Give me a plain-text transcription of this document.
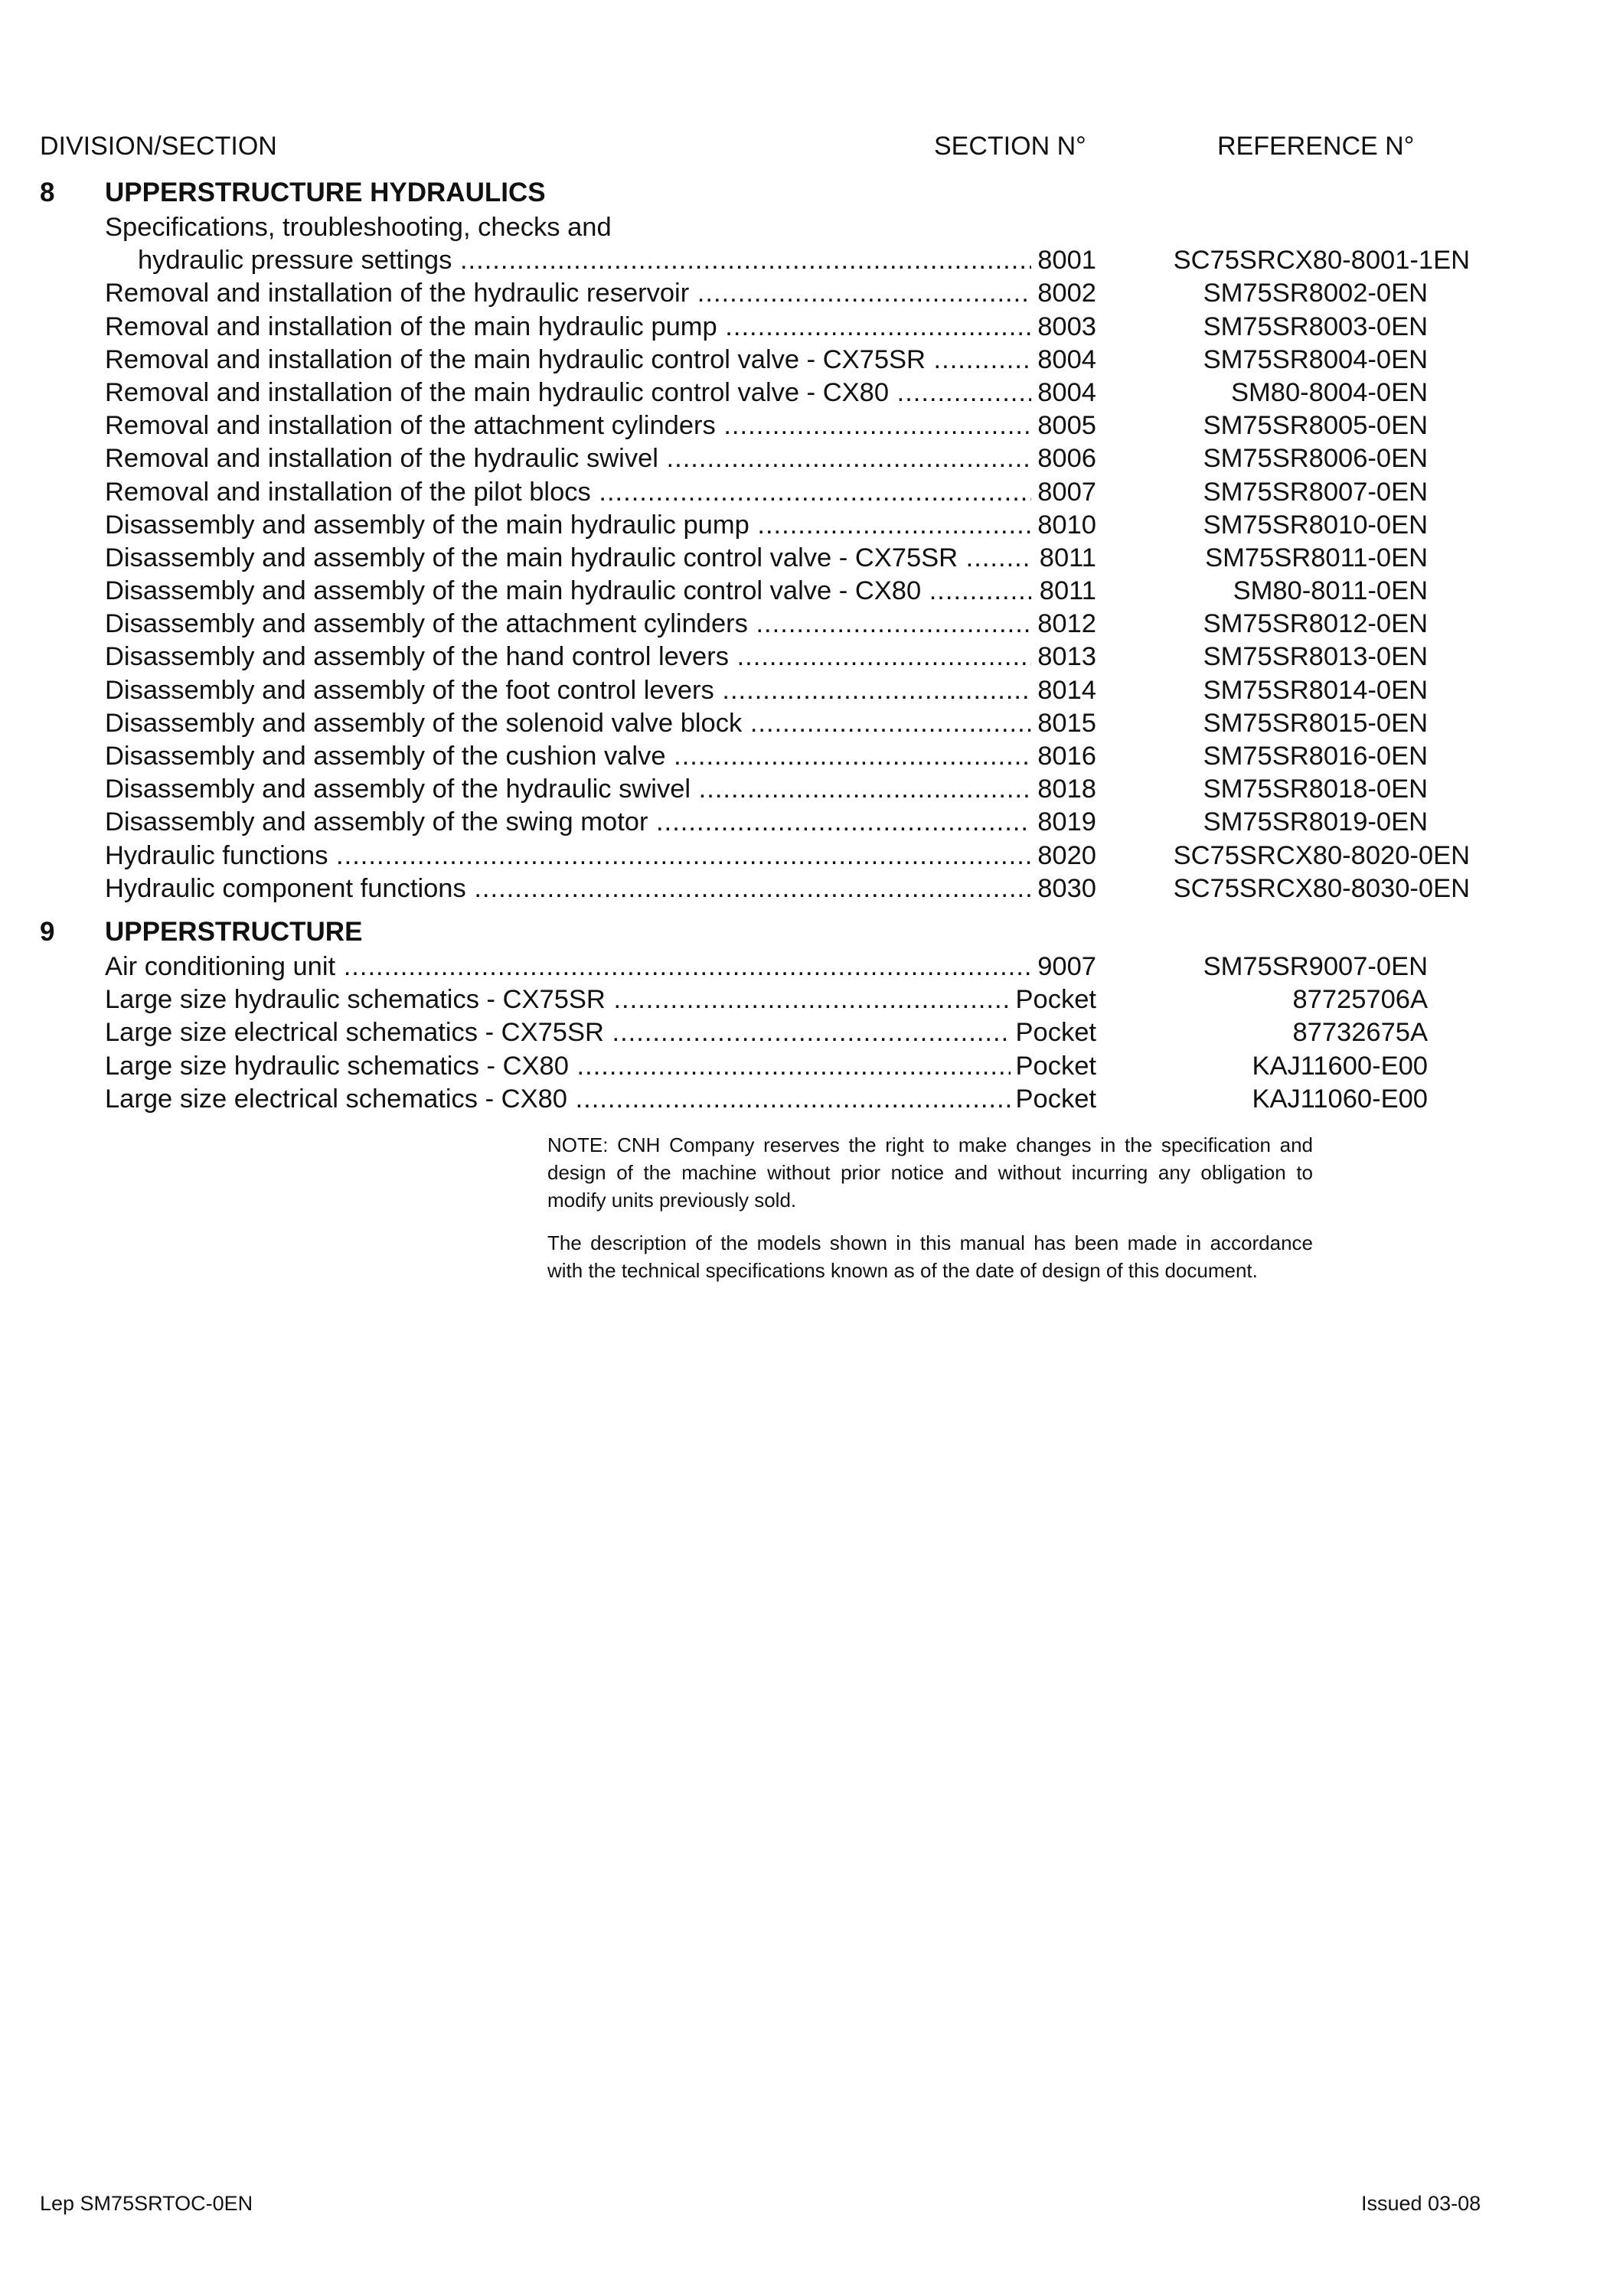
DIVISION/SECTION	SECTION N°	REFERENCE N°
8 UPPERSTRUCTURE HYDRAULICS
Specifications, troubleshooting, checks and
hydraulic pressure settings .....	8001	SC75SRCX80-8001-1EN
Removal and installation of the hydraulic reservoir .....	8002	SM75SR8002-0EN
Removal and installation of the main hydraulic pump .....	8003	SM75SR8003-0EN
Removal and installation of the main hydraulic control valve - CX75SR .....	8004	SM75SR8004-0EN
Removal and installation of the main hydraulic control valve - CX80 .....	8004	SM80-8004-0EN
Removal and installation of the attachment cylinders .....	8005	SM75SR8005-0EN
Removal and installation of the hydraulic swivel .....	8006	SM75SR8006-0EN
Removal and installation of the pilot blocs .....	8007	SM75SR8007-0EN
Disassembly and assembly of the main hydraulic pump .....	8010	SM75SR8010-0EN
Disassembly and assembly of the main hydraulic control valve - CX75SR .....	8011	SM75SR8011-0EN
Disassembly and assembly of the main hydraulic control valve - CX80 .....	8011	SM80-8011-0EN
Disassembly and assembly of the attachment cylinders .....	8012	SM75SR8012-0EN
Disassembly and assembly of the hand control levers .....	8013	SM75SR8013-0EN
Disassembly and assembly of the foot control levers .....	8014	SM75SR8014-0EN
Disassembly and assembly of the solenoid valve block .....	8015	SM75SR8015-0EN
Disassembly and assembly of the cushion valve .....	8016	SM75SR8016-0EN
Disassembly and assembly of the hydraulic swivel .....	8018	SM75SR8018-0EN
Disassembly and assembly of the swing motor .....	8019	SM75SR8019-0EN
Hydraulic functions .....	8020	SC75SRCX80-8020-0EN
Hydraulic component functions .....	8030	SC75SRCX80-8030-0EN
9 UPPERSTRUCTURE
Air conditioning unit .....	9007	SM75SR9007-0EN
Large size hydraulic schematics - CX75SR .....	Pocket	87725706A
Large size electrical schematics - CX75SR .....	Pocket	87732675A
Large size hydraulic schematics - CX80 .....	Pocket	KAJ11600-E00
Large size electrical schematics - CX80 .....	Pocket	KAJ11060-E00

NOTE: CNH Company reserves the right to make changes in the specification and design of the machine without prior notice and without incurring any obligation to modify units previously sold.

The description of the models shown in this manual has been made in accordance with the technical specifications known as of the date of design of this document.

Lep SM75SRTOC-0EN	Issued 03-08
